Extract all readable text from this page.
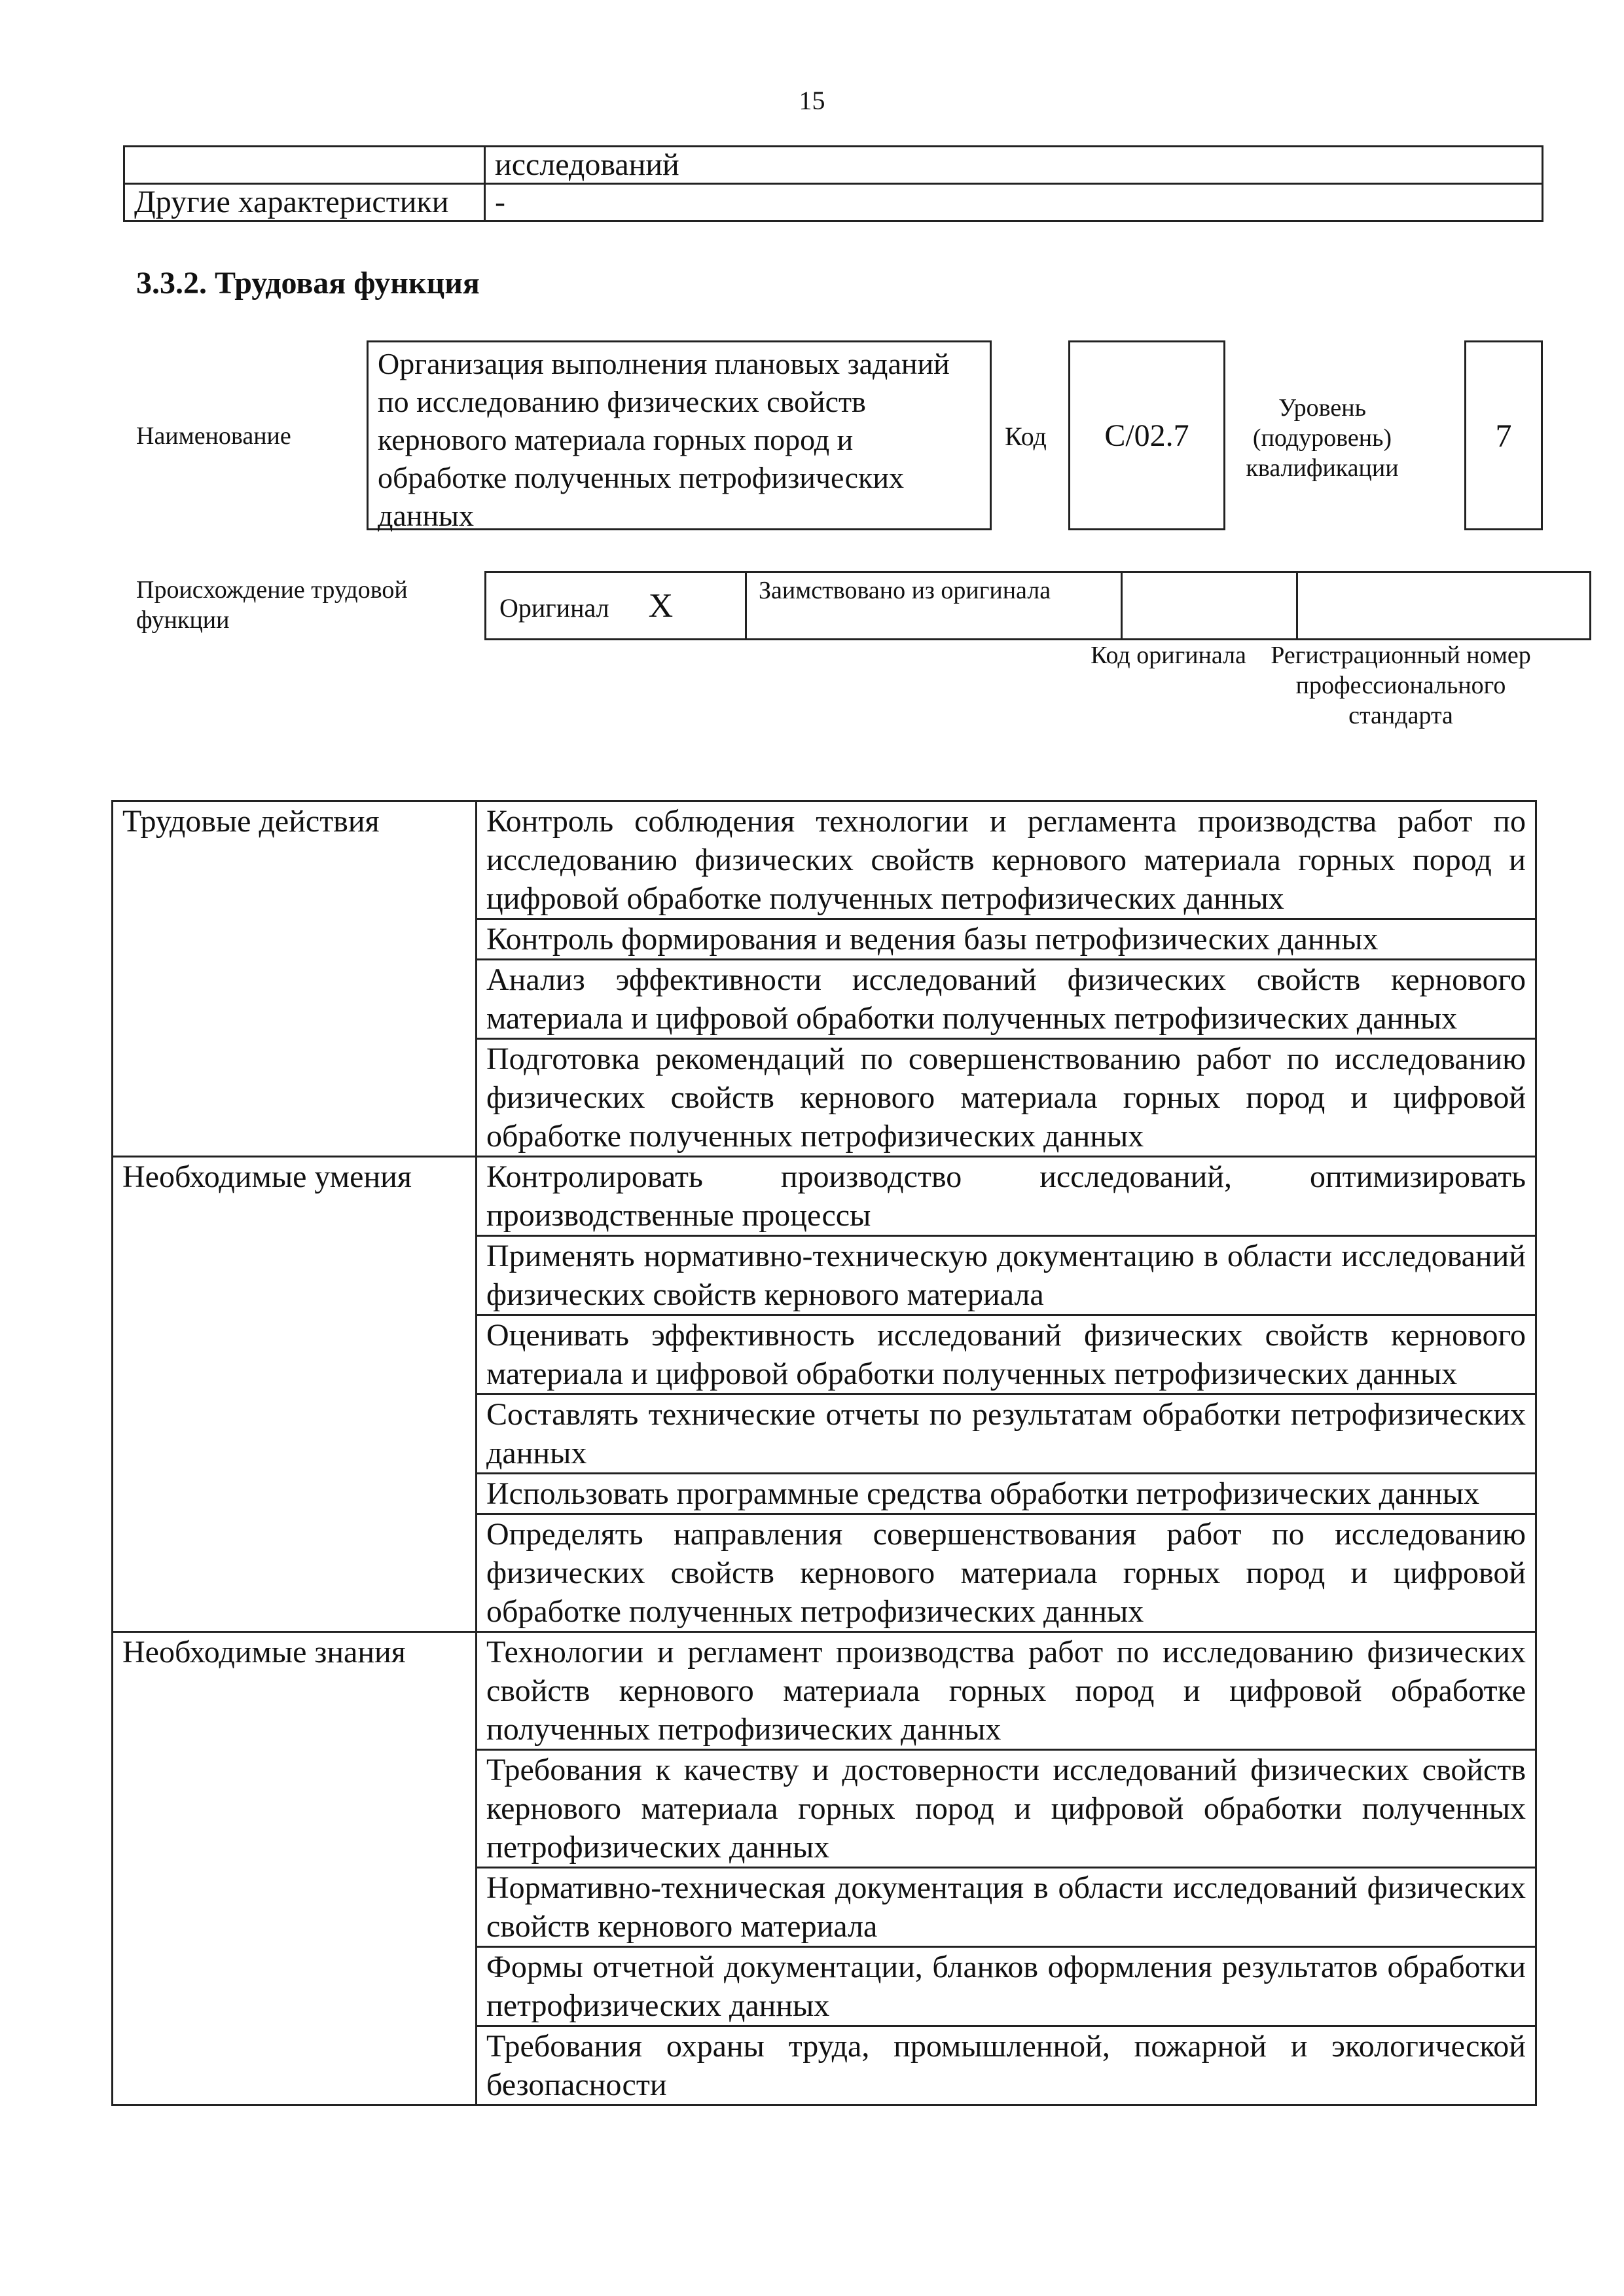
15
	исследований
Другие характеристики	-
3.3.2. Трудовая функция
Наименование
Организация выполнения плановых заданий по исследованию физических свойств кернового материала горных пород и обработке полученных петрофизических данных
Код	C/02.7
Уровень (подуровень) квалификации
7
Происхождение трудовой функции	Оригинал X	Заимствовано из оригинала		
Код оригинала Регистрационный номер профессионального стандарта
Трудовые действия	Контроль соблюдения технологии и регламента производства работ по исследованию физических свойств кернового материала горных пород и цифровой обработке полученных петрофизических данных
	Контроль формирования и ведения базы петрофизических данных
	Анализ эффективности исследований физических свойств кернового материала и цифровой обработки полученных петрофизических данных
	Подготовка рекомендаций по совершенствованию работ по исследованию физических свойств кернового материала горных пород и цифровой обработке полученных петрофизических данных
Необходимые умения	Контролировать производство исследований, оптимизировать производственные процессы
	Применять нормативно-техническую документацию в области исследований физических свойств кернового материала
	Оценивать эффективность исследований физических свойств кернового материала и цифровой обработки полученных петрофизических данных
	Составлять технические отчеты по результатам обработки петрофизических данных
	Использовать программные средства обработки петрофизических данных
	Определять направления совершенствования работ по исследованию физических свойств кернового материала горных пород и цифровой обработке полученных петрофизических данных
Необходимые знания	Технологии и регламент производства работ по исследованию физических свойств кернового материала горных пород и цифровой обработке полученных петрофизических данных
	Требования к качеству и достоверности исследований физических свойств кернового материала горных пород и цифровой обработки полученных петрофизических данных
	Нормативно-техническая документация в области исследований физических свойств кернового материала
	Формы отчетной документации, бланков оформления результатов обработки петрофизических данных
	Требования охраны труда, промышленной, пожарной и экологической безопасности
